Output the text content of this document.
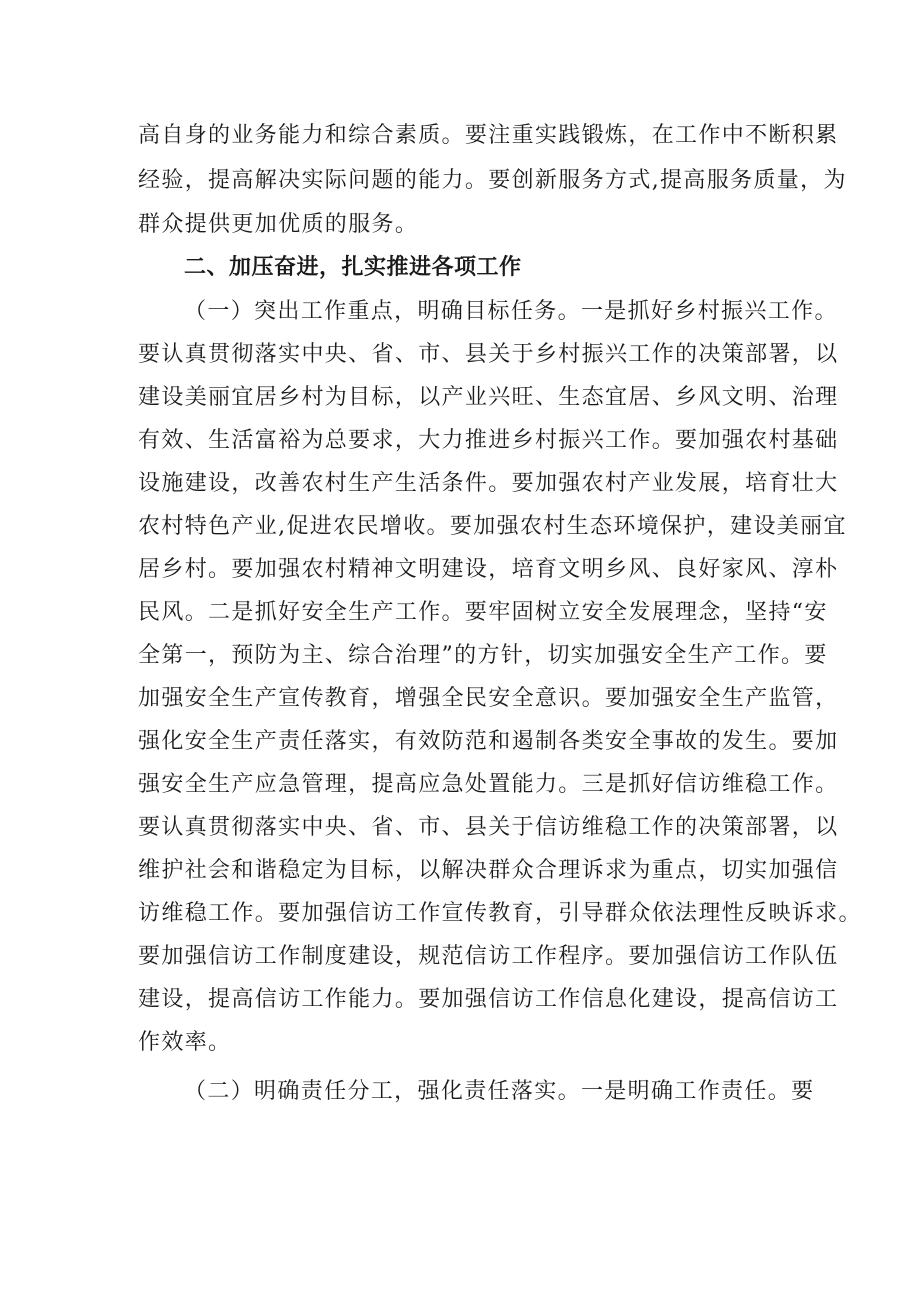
高自身的业务能力和综合素质。要注重实践锻炼，在工作中不断积累
经验，提高解决实际问题的能力。要创新服务方式,提高服务质量，为
群众提供更加优质的服务。
二、加压奋进，扎实推进各项工作
（一）突出工作重点，明确目标任务。一是抓好乡村振兴工作。
要认真贯彻落实中央、省、市、县关于乡村振兴工作的决策部署，以
建设美丽宜居乡村为目标，以产业兴旺、生态宜居、乡风文明、治理
有效、生活富裕为总要求，大力推进乡村振兴工作。要加强农村基础
设施建设，改善农村生产生活条件。要加强农村产业发展，培育壮大
农村特色产业,促进农民增收。要加强农村生态环境保护，建设美丽宜
居乡村。要加强农村精神文明建设，培育文明乡风、良好家风、淳朴
民风。二是抓好安全生产工作。要牢固树立安全发展理念，坚持“安
全第一，预防为主、综合治理”的方针，切实加强安全生产工作。要
加强安全生产宣传教育，增强全民安全意识。要加强安全生产监管，
强化安全生产责任落实，有效防范和遏制各类安全事故的发生。要加
强安全生产应急管理，提高应急处置能力。三是抓好信访维稳工作。
要认真贯彻落实中央、省、市、县关于信访维稳工作的决策部署，以
维护社会和谐稳定为目标，以解决群众合理诉求为重点，切实加强信
访维稳工作。要加强信访工作宣传教育，引导群众依法理性反映诉求。
要加强信访工作制度建设，规范信访工作程序。要加强信访工作队伍
建设，提高信访工作能力。要加强信访工作信息化建设，提高信访工
作效率。
（二）明确责任分工，强化责任落实。一是明确工作责任。要
